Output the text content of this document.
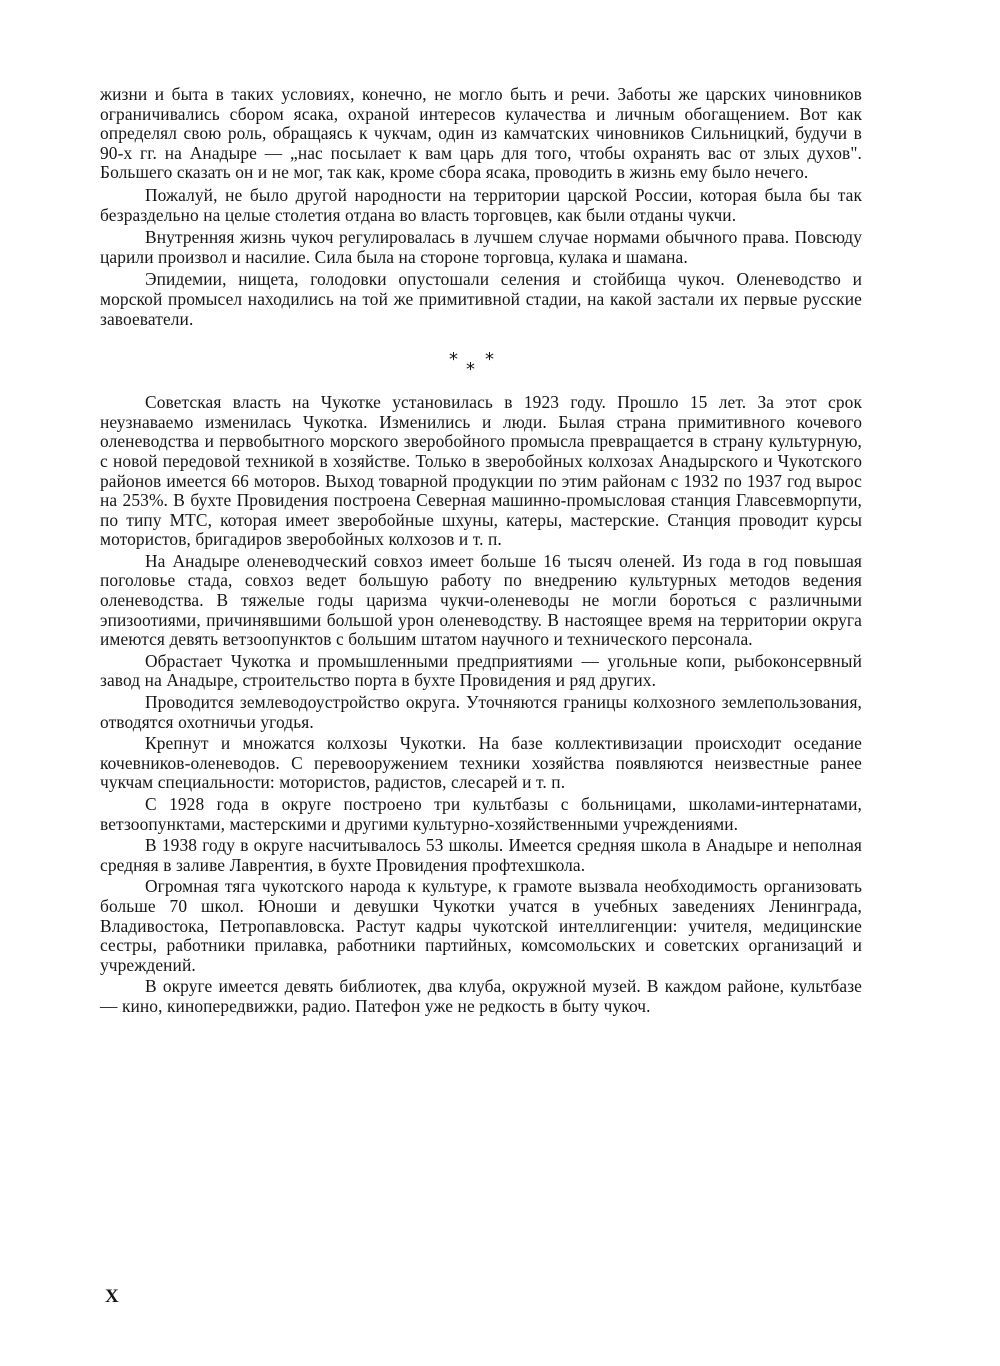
жизни и быта в таких условиях, конечно, не могло быть и речи. Заботы же царских чиновников ограничивались сбором ясака, охраной интересов кулачества и личным обогащением. Вот как определял свою роль, обращаясь к чукчам, один из камчатских чиновников Сильницкий, будучи в 90-х гг. на Анадыре — „нас посылает к вам царь для того, чтобы охранять вас от злых духов". Большего сказать он и не мог, так как, кроме сбора ясака, проводить в жизнь ему было нечего.

Пожалуй, не было другой народности на территории царской России, которая была бы так безраздельно на целые столетия отдана во власть торговцев, как были отданы чукчи.

Внутренняя жизнь чукоч регулировалась в лучшем случае нормами обычного права. Повсюду царили произвол и насилие. Сила была на стороне торговца, кулака и шамана.

Эпидемии, нищета, голодовки опустошали селения и стойбища чукоч. Оленеводство и морской промысел находились на той же примитивной стадии, на какой застали их первые русские завоеватели.

* * *

Советская власть на Чукотке установилась в 1923 году. Прошло 15 лет. За этот срок неузнаваемо изменилась Чукотка. Изменились и люди. Былая страна примитивного кочевого оленеводства и первобытного морского зверобойного промысла превращается в страну культурную, с новой передовой техникой в хозяйстве. Только в зверобойных колхозах Анадырского и Чукотского районов имеется 66 моторов. Выход товарной продукции по этим районам с 1932 по 1937 год вырос на 253%. В бухте Провидения построена Северная машинно-промысловая станция Главсевморпути, по типу МТС, которая имеет зверобойные шхуны, катеры, мастерские. Станция проводит курсы мотористов, бригадиров зверобойных колхозов и т. п.

На Анадыре оленеводческий совхоз имеет больше 16 тысяч оленей. Из года в год повышая поголовье стада, совхоз ведет большую работу по внедрению культурных методов ведения оленеводства. В тяжелые годы царизма чукчи-оленеводы не могли бороться с различными эпизоотиями, причинявшими большой урон оленеводству. В настоящее время на территории округа имеются девять ветзоопунктов с большим штатом научного и технического персонала.

Обрастает Чукотка и промышленными предприятиями — угольные копи, рыбоконсервный завод на Анадыре, строительство порта в бухте Провидения и ряд других.

Проводится землеводоустройство округа. Уточняются границы колхозного землепользования, отводятся охотничьи угодья.

Крепнут и множатся колхозы Чукотки. На базе коллективизации происходит оседание кочевников-оленеводов. С перевооружением техники хозяйства появляются неизвестные ранее чукчам специальности: мотористов, радистов, слесарей и т. п.

С 1928 года в округе построено три культбазы с больницами, школами-интернатами, ветзоопунктами, мастерскими и другими культурно-хозяйственными учреждениями.

В 1938 году в округе насчитывалось 53 школы. Имеется средняя школа в Анадыре и неполная средняя в заливе Лаврентия, в бухте Провидения профтехшкола.

Огромная тяга чукотского народа к культуре, к грамоте вызвала необходимость организовать больше 70 школ. Юноши и девушки Чукотки учатся в учебных заведениях Ленинграда, Владивостока, Петропавловска. Растут кадры чукотской интеллигенции: учителя, медицинские сестры, работники прилавка, работники партийных, комсомольских и советских организаций и учреждений.

В округе имеется девять библиотек, два клуба, окружной музей. В каждом районе, культбазе — кино, кинопередвижки, радио. Патефон уже не редкость в быту чукоч.

X
